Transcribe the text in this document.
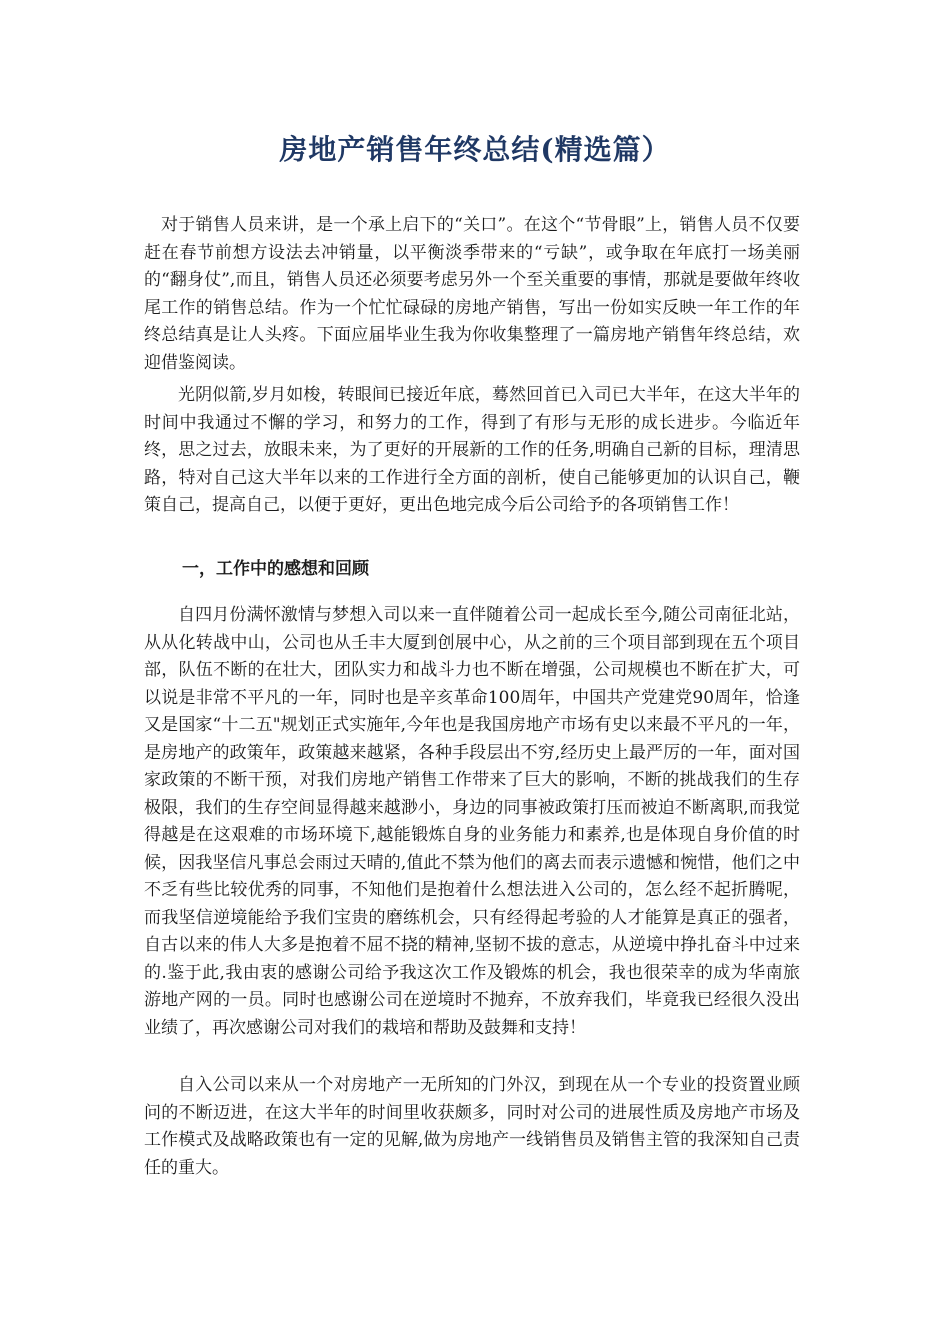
房地产销售年终总结(精选篇）

对于销售人员来讲，是一个承上启下的“关口”。在这个“节骨眼”上，销售人员不仅要赶在春节前想方设法去冲销量，以平衡淡季带来的“亏缺”，或争取在年底打一场美丽的“翻身仗”,而且，销售人员还必须要考虑另外一个至关重要的事情，那就是要做年终收尾工作的销售总结。作为一个忙忙碌碌的房地产销售，写出一份如实反映一年工作的年终总结真是让人头疼。下面应届毕业生我为你收集整理了一篇房地产销售年终总结，欢迎借鉴阅读。

光阴似箭,岁月如梭，转眼间已接近年底，蓦然回首已入司已大半年，在这大半年的时间中我通过不懈的学习，和努力的工作，得到了有形与无形的成长进步。今临近年终，思之过去，放眼未来，为了更好的开展新的工作的任务,明确自己新的目标，理清思路，特对自己这大半年以来的工作进行全方面的剖析，使自己能够更加的认识自己，鞭策自己，提高自己，以便于更好，更出色地完成今后公司给予的各项销售工作！

一，工作中的感想和回顾

自四月份满怀激情与梦想入司以来一直伴随着公司一起成长至今,随公司南征北站，从从化转战中山，公司也从壬丰大厦到创展中心，从之前的三个项目部到现在五个项目部，队伍不断的在壮大，团队实力和战斗力也不断在增强，公司规模也不断在扩大，可以说是非常不平凡的一年，同时也是辛亥革命100周年，中国共产党建党90周年，恰逢又是国家“十二五"规划正式实施年,今年也是我国房地产市场有史以来最不平凡的一年，是房地产的政策年，政策越来越紧，各种手段层出不穷,经历史上最严厉的一年，面对国家政策的不断干预，对我们房地产销售工作带来了巨大的影响，不断的挑战我们的生存极限，我们的生存空间显得越来越渺小，身边的同事被政策打压而被迫不断离职,而我觉得越是在这艰难的市场环境下,越能锻炼自身的业务能力和素养,也是体现自身价值的时候，因我坚信凡事总会雨过天晴的,值此不禁为他们的离去而表示遗憾和惋惜，他们之中不乏有些比较优秀的同事，不知他们是抱着什么想法进入公司的，怎么经不起折腾呢，而我坚信逆境能给予我们宝贵的磨练机会，只有经得起考验的人才能算是真正的强者，自古以来的伟人大多是抱着不屈不挠的精神,坚韧不拔的意志，从逆境中挣扎奋斗中过来的.鉴于此,我由衷的感谢公司给予我这次工作及锻炼的机会，我也很荣幸的成为华南旅游地产网的一员。同时也感谢公司在逆境时不抛弃，不放弃我们，毕竟我已经很久没出业绩了，再次感谢公司对我们的栽培和帮助及鼓舞和支持！

自入公司以来从一个对房地产一无所知的门外汉，到现在从一个专业的投资置业顾问的不断迈进，在这大半年的时间里收获颇多，同时对公司的进展性质及房地产市场及工作模式及战略政策也有一定的见解,做为房地产一线销售员及销售主管的我深知自己责任的重大。
